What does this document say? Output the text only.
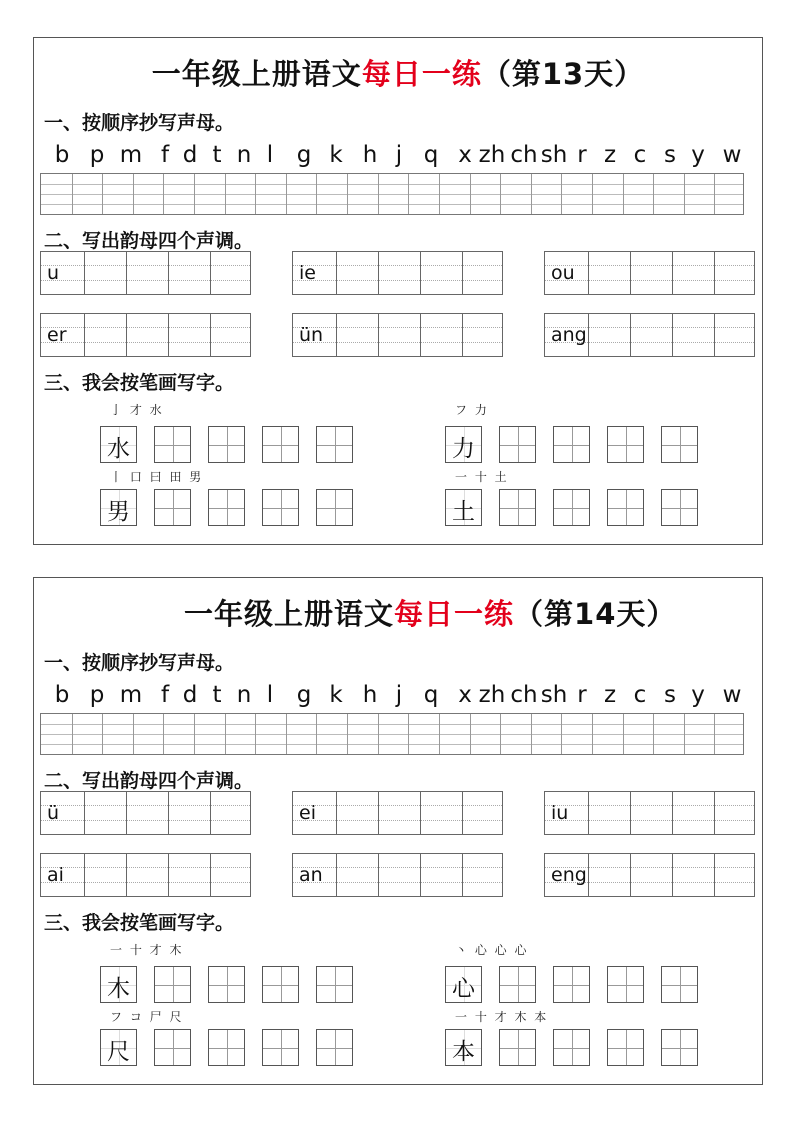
一年级上册语文每日一练（第13天）
一、按顺序抄写声母。
b p m f d t n l g k h j q x zh ch sh r z c s y w
二、写出韵母四个声调。
u	ie	ou
er	ün	ang
三、我会按笔画写字。
亅 才 水
水
フ 力
力
丨 口 曰 田 男
男
一 十 土
土
一年级上册语文每日一练（第14天）
一、按顺序抄写声母。
b p m f d t n l g k h j q x zh ch sh r z c s y w
二、写出韵母四个声调。
ü	ei	iu
ai	an	eng
三、我会按笔画写字。
一 十 才 木
木
丶 心 心 心
心
フ コ 尸 尺
尺
一 十 才 木 本
本
